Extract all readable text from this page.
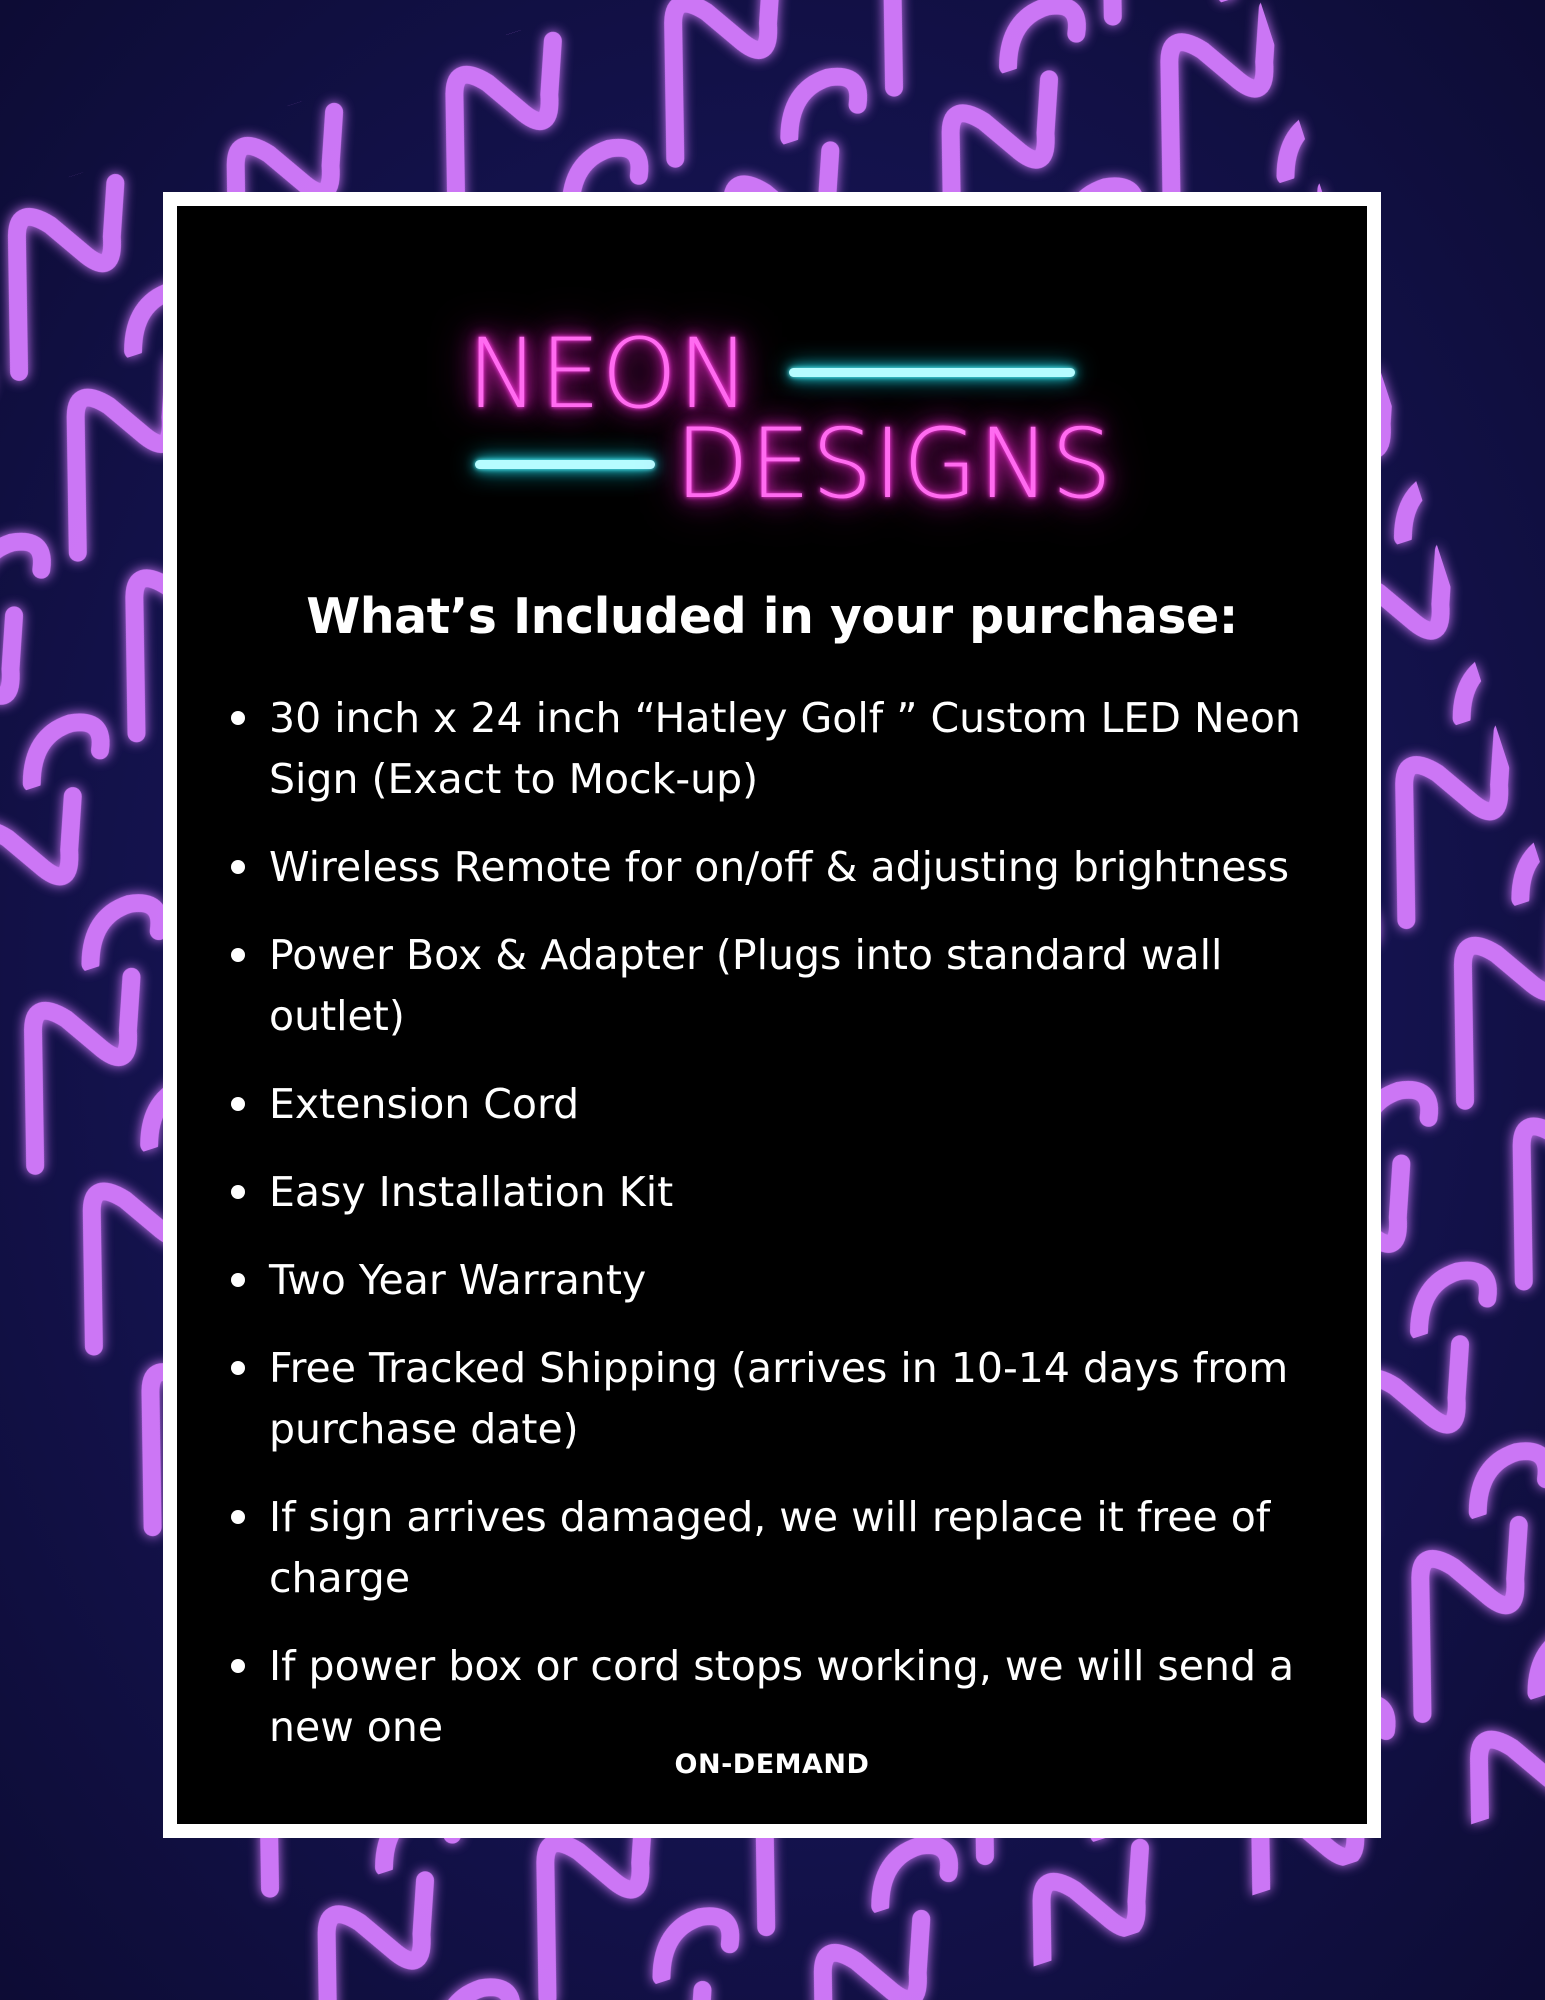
NEON
DESIGNS
What’s Included in your purchase:
30 inch x 24 inch “Hatley Golf ” Custom LED Neon Sign (Exact to Mock-up)
Wireless Remote for on/off & adjusting brightness
Power Box & Adapter (Plugs into standard wall outlet)
Extension Cord
Easy Installation Kit
Two Year Warranty
Free Tracked Shipping (arrives in 10-14 days from purchase date)
If sign arrives damaged, we will replace it free of charge
If power box or cord stops working, we will send a new one
ON-DEMAND
